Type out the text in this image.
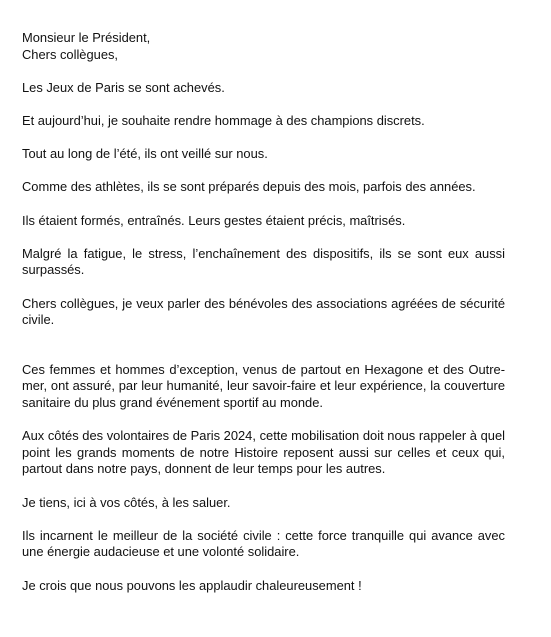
Monsieur le Président,
Chers collègues,

Les Jeux de Paris se sont achevés.

Et aujourd’hui, je souhaite rendre hommage à des champions discrets.

Tout au long de l’été, ils ont veillé sur nous.

Comme des athlètes, ils se sont préparés depuis des mois, parfois des années.

Ils étaient formés, entraînés. Leurs gestes étaient précis, maîtrisés.

Malgré la fatigue, le stress, l’enchaînement des dispositifs, ils se sont eux aussi surpassés.

Chers collègues, je veux parler des bénévoles des associations agréées de sécurité civile.

Ces femmes et hommes d’exception, venus de partout en Hexagone et des Outre-mer, ont assuré, par leur humanité, leur savoir-faire et leur expérience, la couverture sanitaire du plus grand événement sportif au monde.

Aux côtés des volontaires de Paris 2024, cette mobilisation doit nous rappeler à quel point les grands moments de notre Histoire reposent aussi sur celles et ceux qui, partout dans notre pays, donnent de leur temps pour les autres.

Je tiens, ici à vos côtés, à les saluer.

Ils incarnent le meilleur de la société civile : cette force tranquille qui avance avec une énergie audacieuse et une volonté solidaire.

Je crois que nous pouvons les applaudir chaleureusement !
